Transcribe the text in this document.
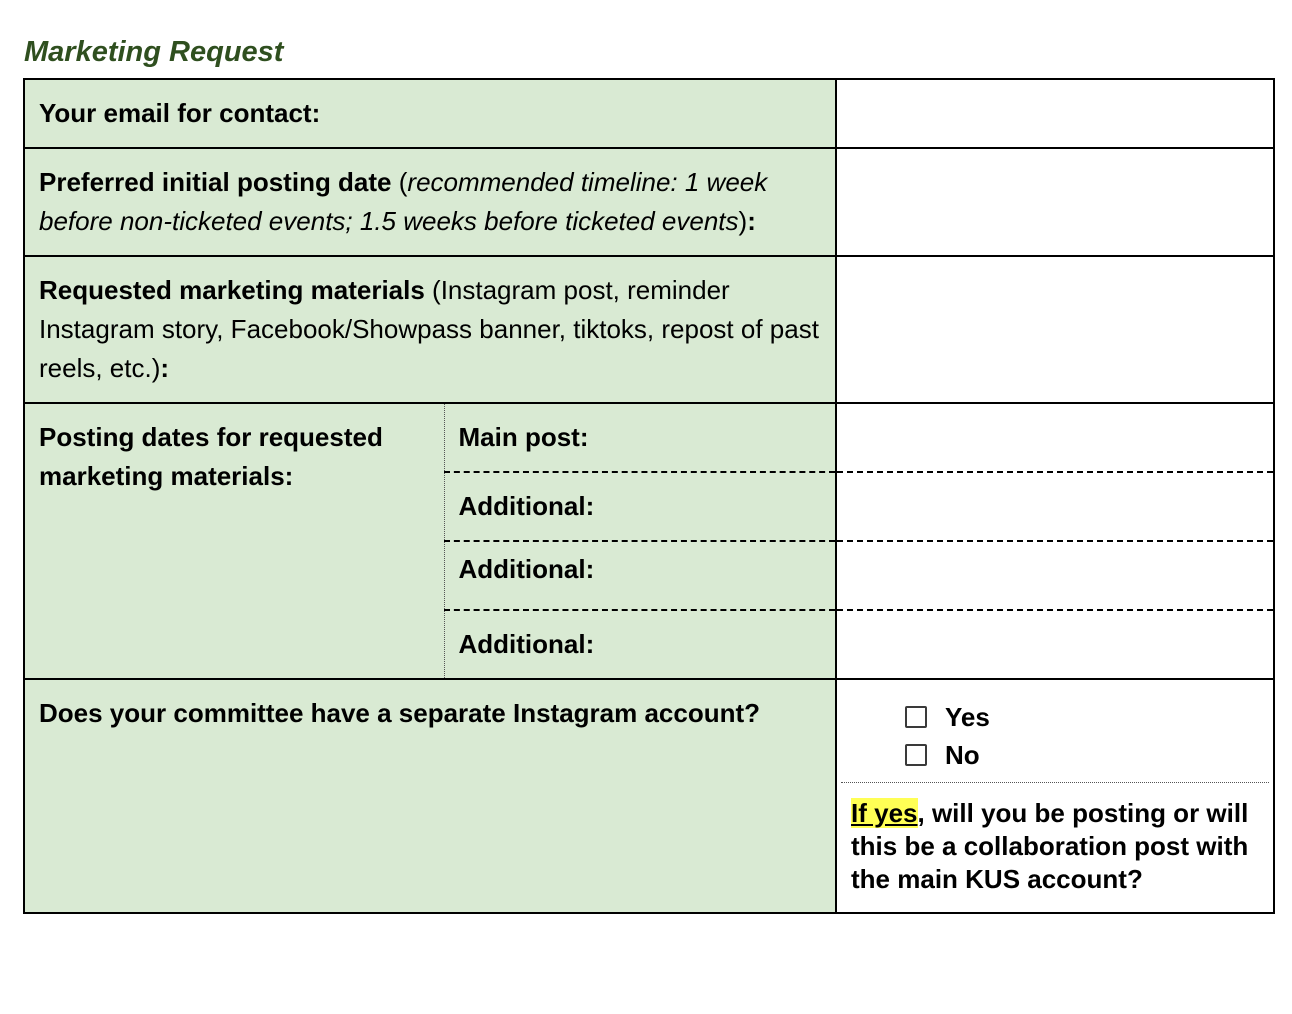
Marketing Request
Your email for contact:		
Preferred initial posting date (recommended timeline: 1 week before non-ticketed events; 1.5 weeks before ticketed events):		
Requested marketing materials (Instagram post, reminder Instagram story, Facebook/Showpass banner, tiktoks, repost of past reels, etc.):		
Posting dates for requested marketing materials:	Main post:	
	Additional:	
	Additional:	
	Additional:	
Does your committee have a separate Instagram account?		Yes
No
If yes, will you be posting or will this be a collaboration post with the main KUS account?
